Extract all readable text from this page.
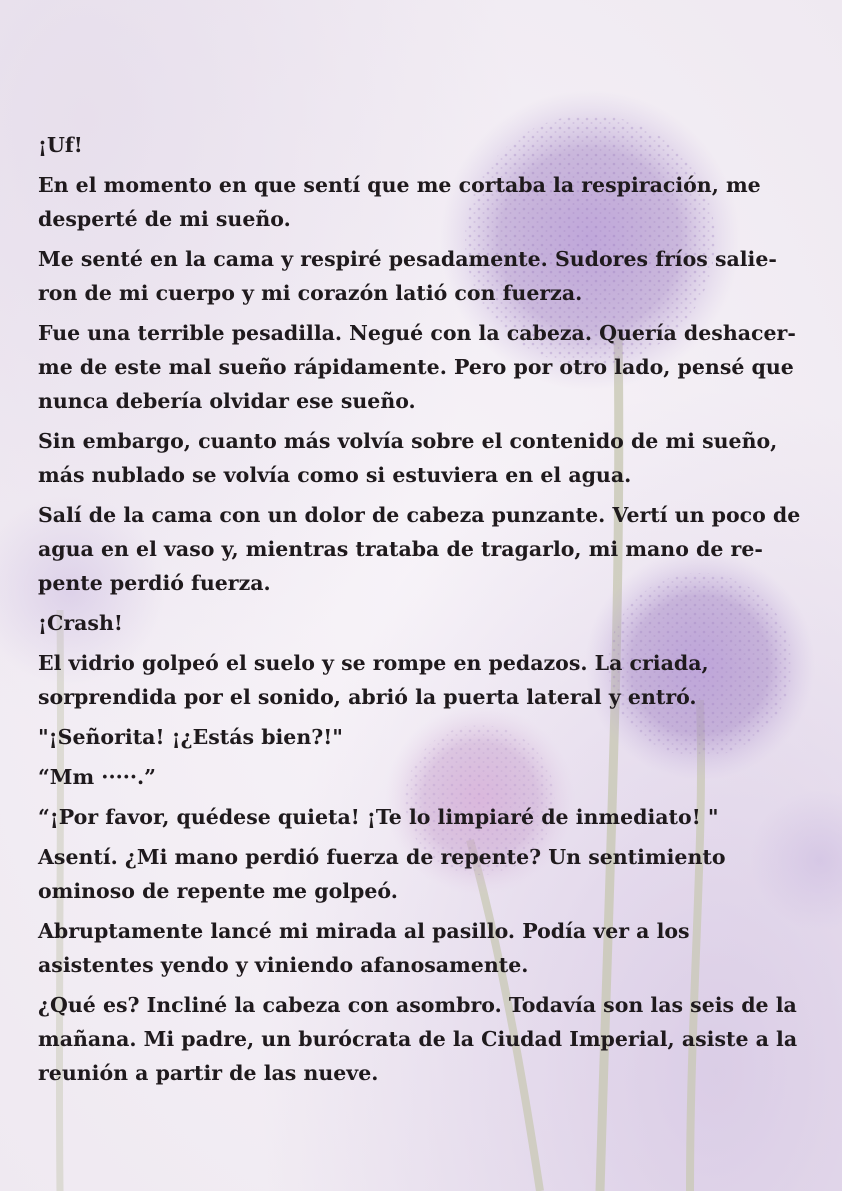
¡Uf!

En el momento en que sentí que me cortaba la respiración, me
desperté de mi sueño.

Me senté en la cama y respiré pesadamente. Sudores fríos salie-
ron de mi cuerpo y mi corazón latió con fuerza.

Fue una terrible pesadilla. Negué con la cabeza. Quería deshacer-
me de este mal sueño rápidamente. Pero por otro lado, pensé que
nunca debería olvidar ese sueño.

Sin embargo, cuanto más volvía sobre el contenido de mi sueño,
más nublado se volvía como si estuviera en el agua.

Salí de la cama con un dolor de cabeza punzante. Vertí un poco de
agua en el vaso y, mientras trataba de tragarlo, mi mano de re-
pente perdió fuerza.

¡Crash!

El vidrio golpeó el suelo y se rompe en pedazos. La criada,
sorprendida por el sonido, abrió la puerta lateral y entró.

"¡Señorita! ¡¿Estás bien?!"

“Mm ·····.”

“¡Por favor, quédese quieta! ¡Te lo limpiaré de inmediato! "

Asentí. ¿Mi mano perdió fuerza de repente? Un sentimiento
ominoso de repente me golpeó.

Abruptamente lancé mi mirada al pasillo. Podía ver a los
asistentes yendo y viniendo afanosamente.

¿Qué es? Incliné la cabeza con asombro. Todavía son las seis de la
mañana. Mi padre, un burócrata de la Ciudad Imperial, asiste a la
reunión a partir de las nueve.
